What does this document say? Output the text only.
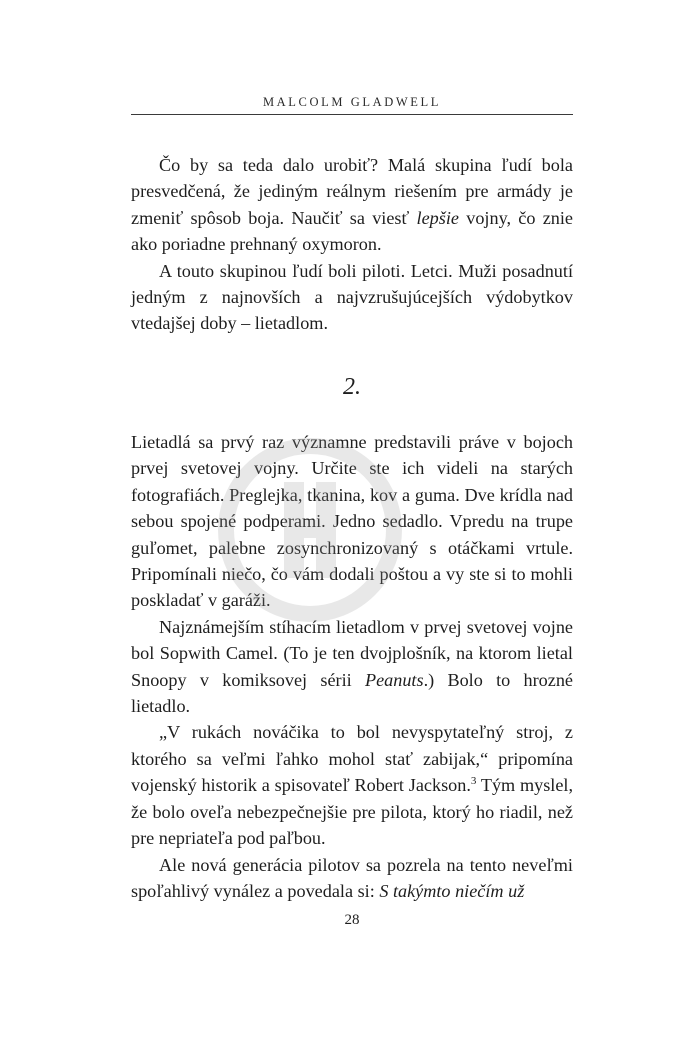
MALCOLM GLADWELL

Čo by sa teda dalo urobiť? Malá skupina ľudí bola presvedčená, že jediným reálnym riešením pre armády je zmeniť spôsob boja. Naučiť sa viesť lepšie vojny, čo znie ako poriadne prehnaný oxymoron.

A touto skupinou ľudí boli piloti. Letci. Muži posadnutí jedným z najnovších a najvzrušujúcejších výdobytkov vtedajšej doby – lietadlom.

2.

Lietadlá sa prvý raz významne predstavili práve v bojoch prvej svetovej vojny. Určite ste ich videli na starých fotografiách. Preglejka, tkanina, kov a guma. Dve krídla nad sebou spojené podperami. Jedno sedadlo. Vpredu na trupe guľomet, palebne zosynchronizovaný s otáčkami vrtule. Pripomínali niečo, čo vám dodali poštou a vy ste si to mohli poskladať v garáži.

Najznámejším stíhacím lietadlom v prvej svetovej vojne bol Sopwith Camel. (To je ten dvojplošník, na ktorom lietal Snoopy v komiksovej sérii Peanuts.) Bolo to hrozné lietadlo.

„V rukách nováčika to bol nevyspytateľný stroj, z ktorého sa veľmi ľahko mohol stať zabijak,“ pripomína vojenský historik a spisovateľ Robert Jackson.$^3$ Tým myslel, že bolo oveľa nebezpečnejšie pre pilota, ktorý ho riadil, než pre nepriateľa pod paľbou.

Ale nová generácia pilotov sa pozrela na tento neveľmi spoľahlivý vynález a povedala si: S takýmto niečím už

28
